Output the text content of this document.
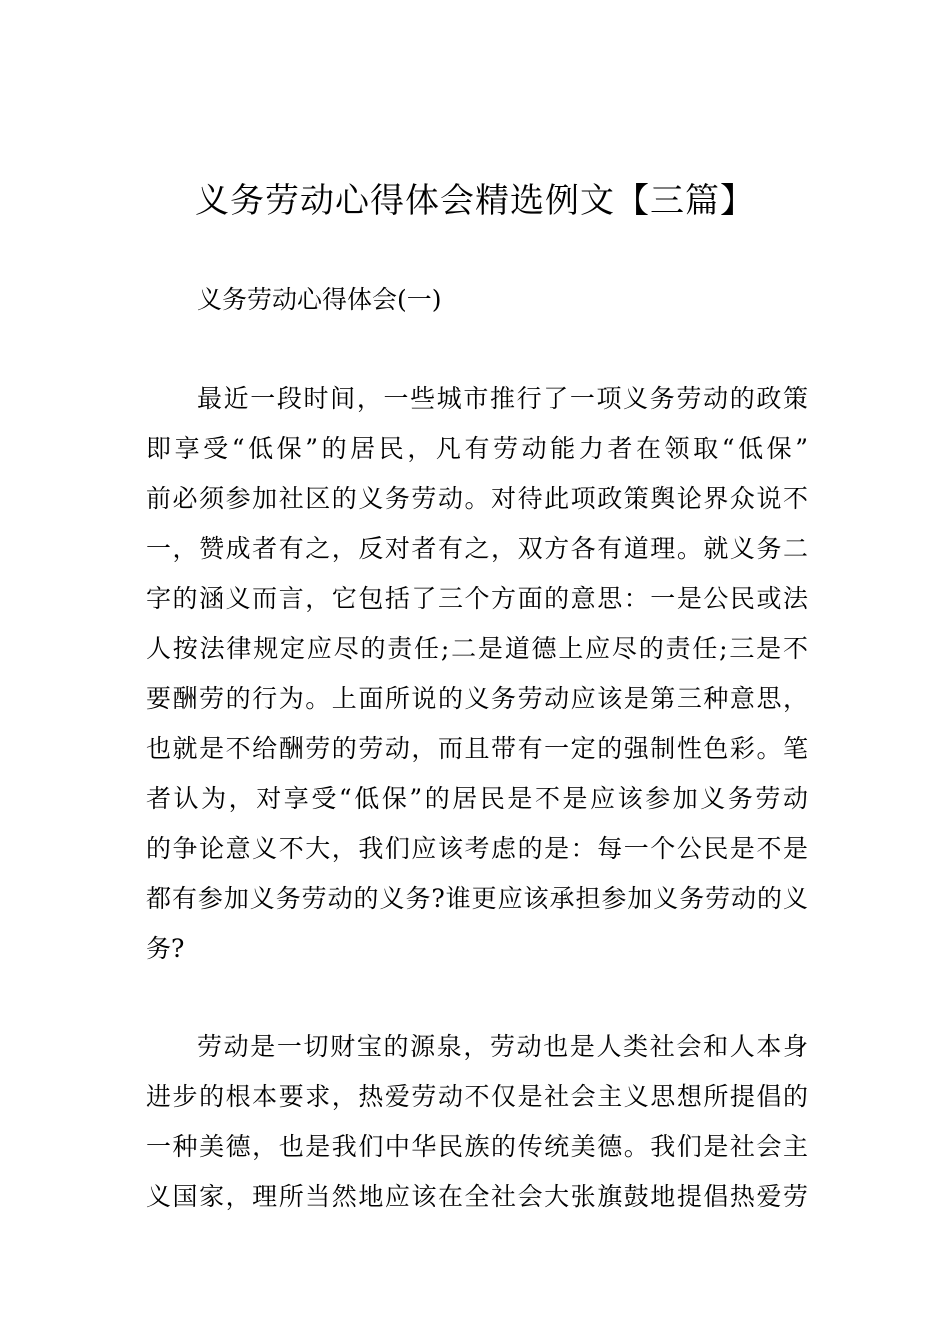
义务劳动心得体会精选例文【三篇】
义务劳动心得体会(一)
最近一段时间，一些城市推行了一项义务劳动的政策
即享受“低保”的居民，凡有劳动能力者在领取“低保”
前必须参加社区的义务劳动。对待此项政策舆论界众说不
一，赞成者有之，反对者有之，双方各有道理。就义务二
字的涵义而言，它包括了三个方面的意思：一是公民或法
人按法律规定应尽的责任;二是道德上应尽的责任;三是不
要酬劳的行为。上面所说的义务劳动应该是第三种意思，
也就是不给酬劳的劳动，而且带有一定的强制性色彩。笔
者认为，对享受“低保”的居民是不是应该参加义务劳动
的争论意义不大，我们应该考虑的是：每一个公民是不是
都有参加义务劳动的义务?谁更应该承担参加义务劳动的义
务?
劳动是一切财宝的源泉，劳动也是人类社会和人本身
进步的根本要求，热爱劳动不仅是社会主义思想所提倡的
一种美德，也是我们中华民族的传统美德。我们是社会主
义国家，理所当然地应该在全社会大张旗鼓地提倡热爱劳
